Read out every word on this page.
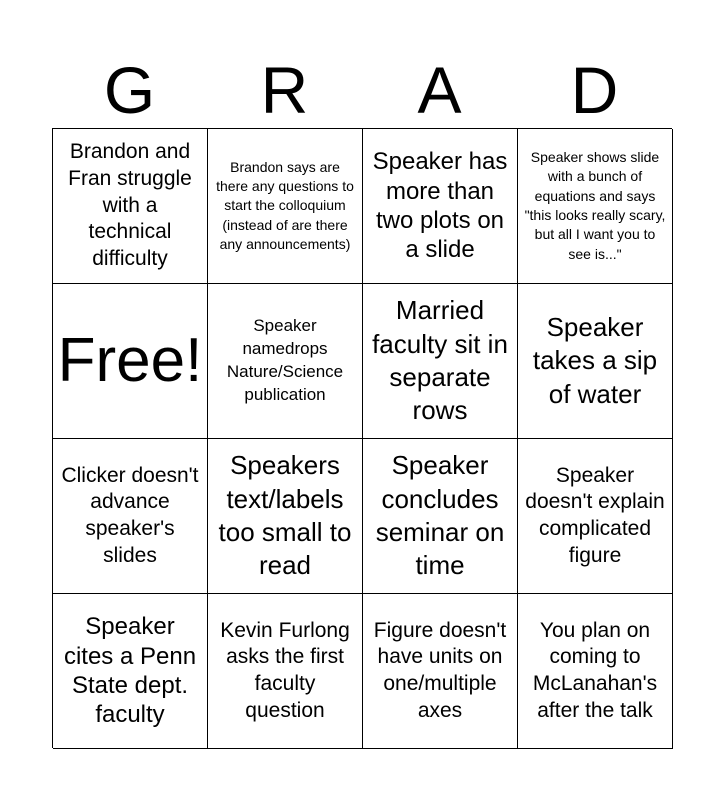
G	R	A	D
Brandon and Fran struggle with a technical difficulty
Brandon says are there any questions to start the colloquium (instead of are there any announcements)
Speaker has more than two plots on a slide
Speaker shows slide with a bunch of equations and says "this looks really scary, but all I want you to see is..."
Free!
Speaker namedrops Nature/Science publication
Married faculty sit in separate rows
Speaker takes a sip of water
Clicker doesn't advance speaker's slides
Speakers text/labels too small to read
Speaker concludes seminar on time
Speaker doesn't explain complicated figure
Speaker cites a Penn State dept. faculty
Kevin Furlong asks the first faculty question
Figure doesn't have units on one/multiple axes
You plan on coming to McLanahan's after the talk
